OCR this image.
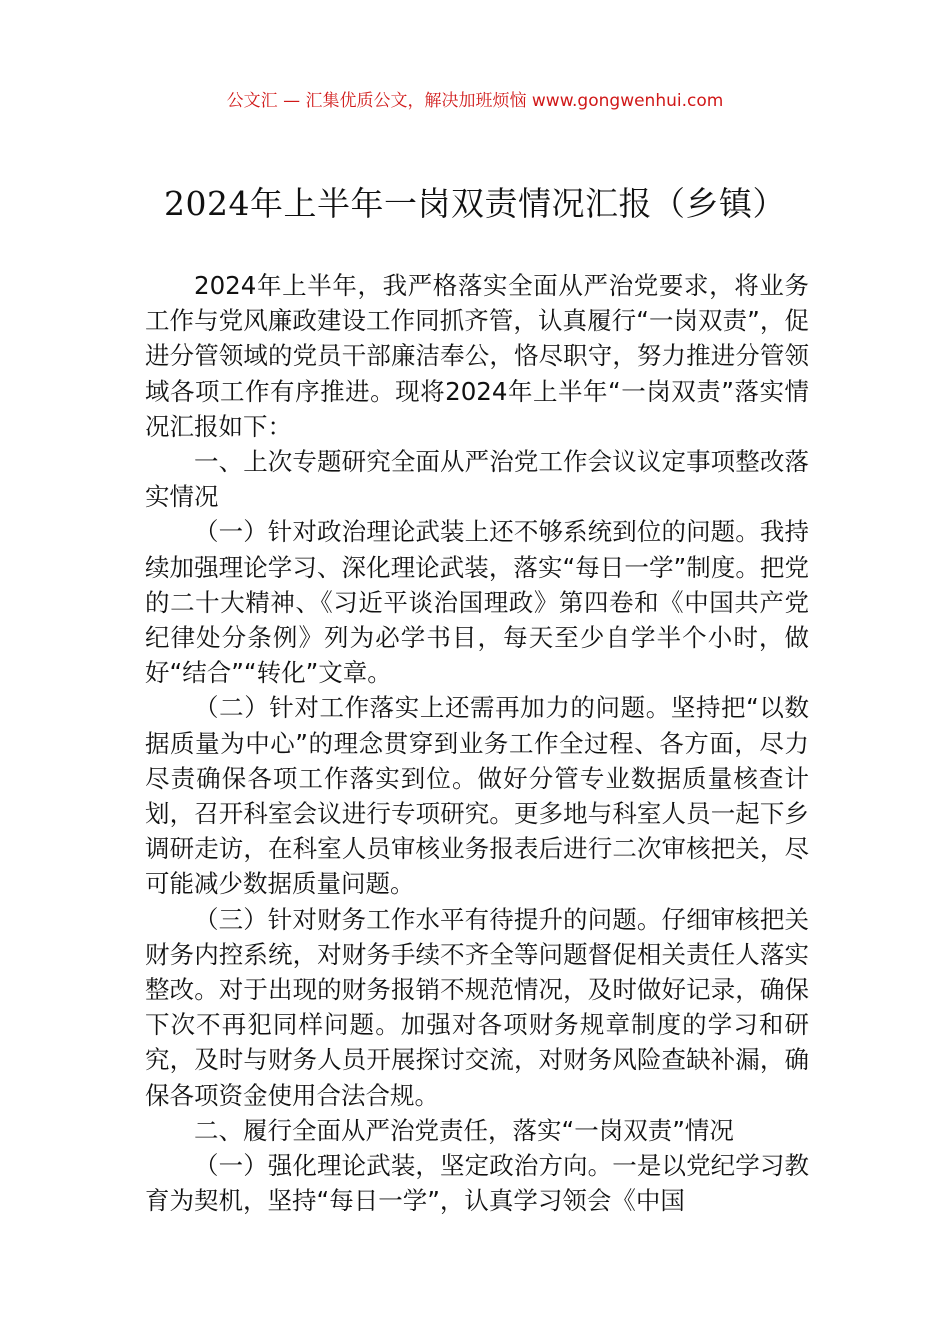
公文汇 — 汇集优质公文，解决加班烦恼 www.gongwenhui.com
2024年上半年一岗双责情况汇报（乡镇）

2024年上半年，我严格落实全面从严治党要求，将业务工作与党风廉政建设工作同抓齐管，认真履行“一岗双责”，促进分管领域的党员干部廉洁奉公，恪尽职守，努力推进分管领域各项工作有序推进。现将2024年上半年“一岗双责”落实情况汇报如下：

一、上次专题研究全面从严治党工作会议议定事项整改落实情况

（一）针对政治理论武装上还不够系统到位的问题。我持续加强理论学习、深化理论武装，落实“每日一学”制度。把党的二十大精神、《习近平谈治国理政》第四卷和《中国共产党纪律处分条例》列为必学书目，每天至少自学半个小时，做好“结合”“转化”文章。

（二）针对工作落实上还需再加力的问题。坚持把“以数据质量为中心”的理念贯穿到业务工作全过程、各方面，尽力尽责确保各项工作落实到位。做好分管专业数据质量核查计划，召开科室会议进行专项研究。更多地与科室人员一起下乡调研走访，在科室人员审核业务报表后进行二次审核把关，尽可能减少数据质量问题。

（三）针对财务工作水平有待提升的问题。仔细审核把关财务内控系统，对财务手续不齐全等问题督促相关责任人落实整改。对于出现的财务报销不规范情况，及时做好记录，确保下次不再犯同样问题。加强对各项财务规章制度的学习和研究，及时与财务人员开展探讨交流，对财务风险查缺补漏，确保各项资金使用合法合规。

二、履行全面从严治党责任，落实“一岗双责”情况

（一）强化理论武装，坚定政治方向。一是以党纪学习教育为契机，坚持“每日一学”，认真学习领会《中国
